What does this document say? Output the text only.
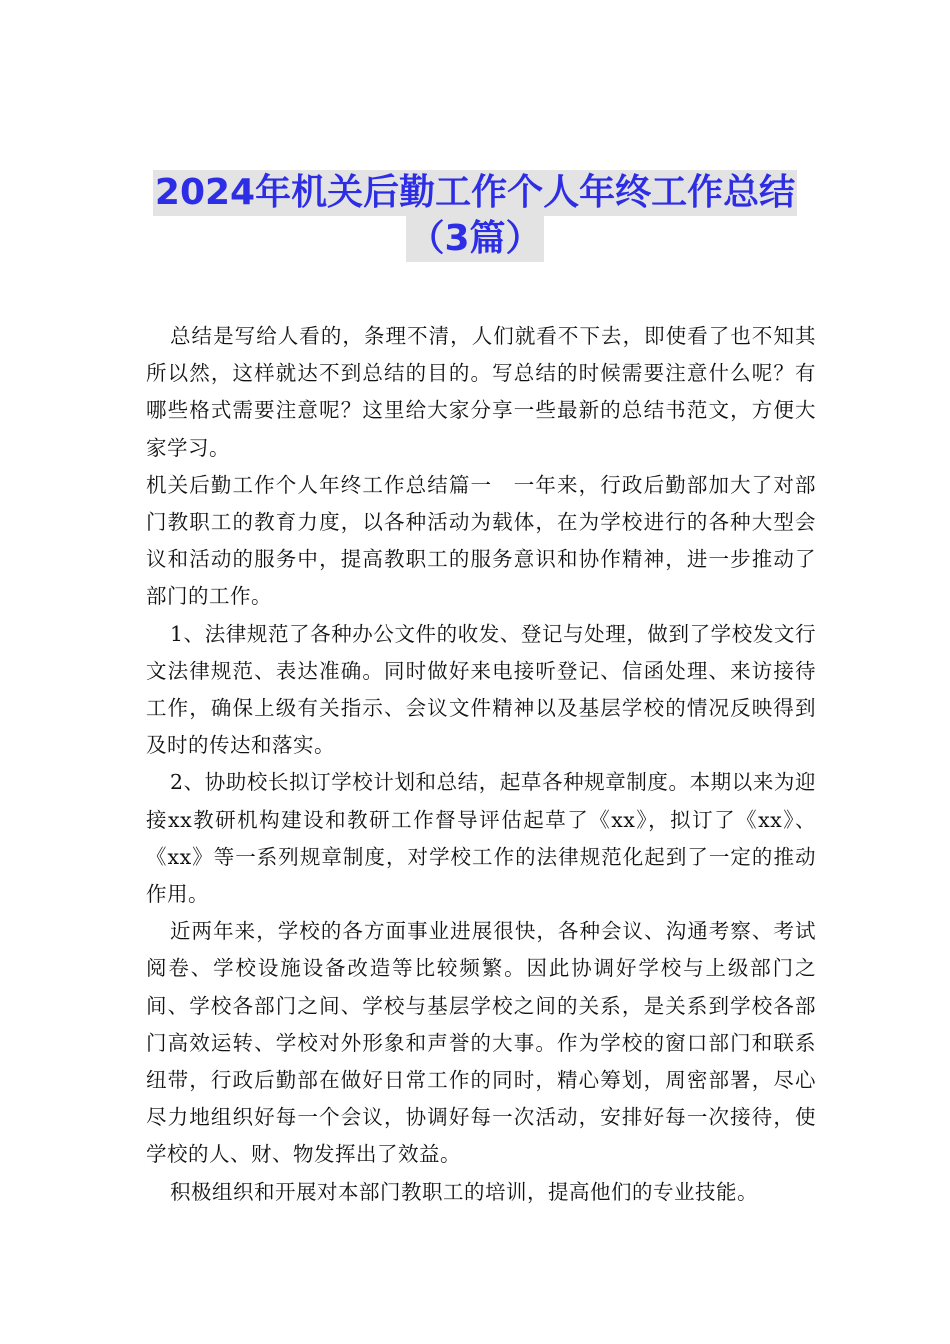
2024年机关后勤工作个人年终工作总结
（3篇）

总结是写给人看的，条理不清，人们就看不下去，即使看了也不知其所以然，这样就达不到总结的目的。写总结的时候需要注意什么呢？有哪些格式需要注意呢？这里给大家分享一些最新的总结书范文，方便大家学习。

机关后勤工作个人年终工作总结篇一　一年来，行政后勤部加大了对部门教职工的教育力度，以各种活动为载体，在为学校进行的各种大型会议和活动的服务中，提高教职工的服务意识和协作精神，进一步推动了部门的工作。

1、法律规范了各种办公文件的收发、登记与处理，做到了学校发文行文法律规范、表达准确。同时做好来电接听登记、信函处理、来访接待工作，确保上级有关指示、会议文件精神以及基层学校的情况反映得到及时的传达和落实。

2、协助校长拟订学校计划和总结，起草各种规章制度。本期以来为迎接xx教研机构建设和教研工作督导评估起草了《xx》，拟订了《xx》、《xx》等一系列规章制度，对学校工作的法律规范化起到了一定的推动作用。

近两年来，学校的各方面事业进展很快，各种会议、沟通考察、考试阅卷、学校设施设备改造等比较频繁。因此协调好学校与上级部门之间、学校各部门之间、学校与基层学校之间的关系，是关系到学校各部门高效运转、学校对外形象和声誉的大事。作为学校的窗口部门和联系纽带，行政后勤部在做好日常工作的同时，精心筹划，周密部署，尽心尽力地组织好每一个会议，协调好每一次活动，安排好每一次接待，使学校的人、财、物发挥出了效益。

积极组织和开展对本部门教职工的培训，提高他们的专业技能。
